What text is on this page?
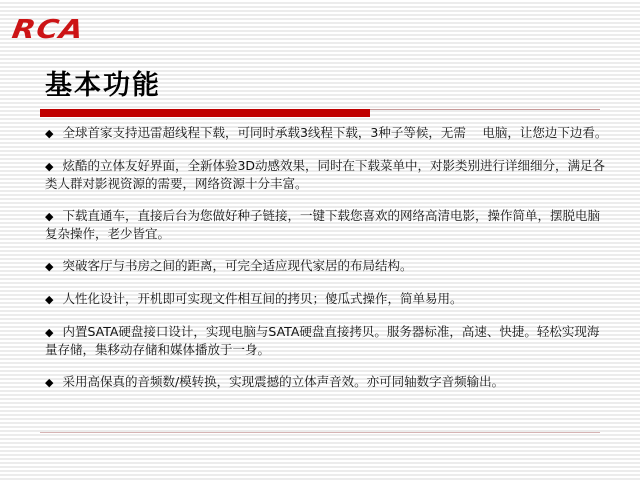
RCA
基本功能
◆ 全球首家支持迅雷超线程下载，可同时承载3线程下载，3种子等候，无需　 电脑，让您边下边看。
◆ 炫酷的立体友好界面，全新体验3D动感效果，同时在下载菜单中，对影类别进行详细细分，满足各类人群对影视资源的需要，网络资源十分丰富。
◆ 下载直通车，直接后台为您做好种子链接，一键下载您喜欢的网络高清电影，操作简单，摆脱电脑复杂操作，老少皆宜。
◆ 突破客厅与书房之间的距离，可完全适应现代家居的布局结构。
◆ 人性化设计，开机即可实现文件相互间的拷贝；傻瓜式操作，简单易用。
◆ 内置SATA硬盘接口设计，实现电脑与SATA硬盘直接拷贝。服务器标准，高速、快捷。轻松实现海量存储，集移动存储和媒体播放于一身。
◆ 采用高保真的音频数/模转换，实现震撼的立体声音效。亦可同轴数字音频输出。
